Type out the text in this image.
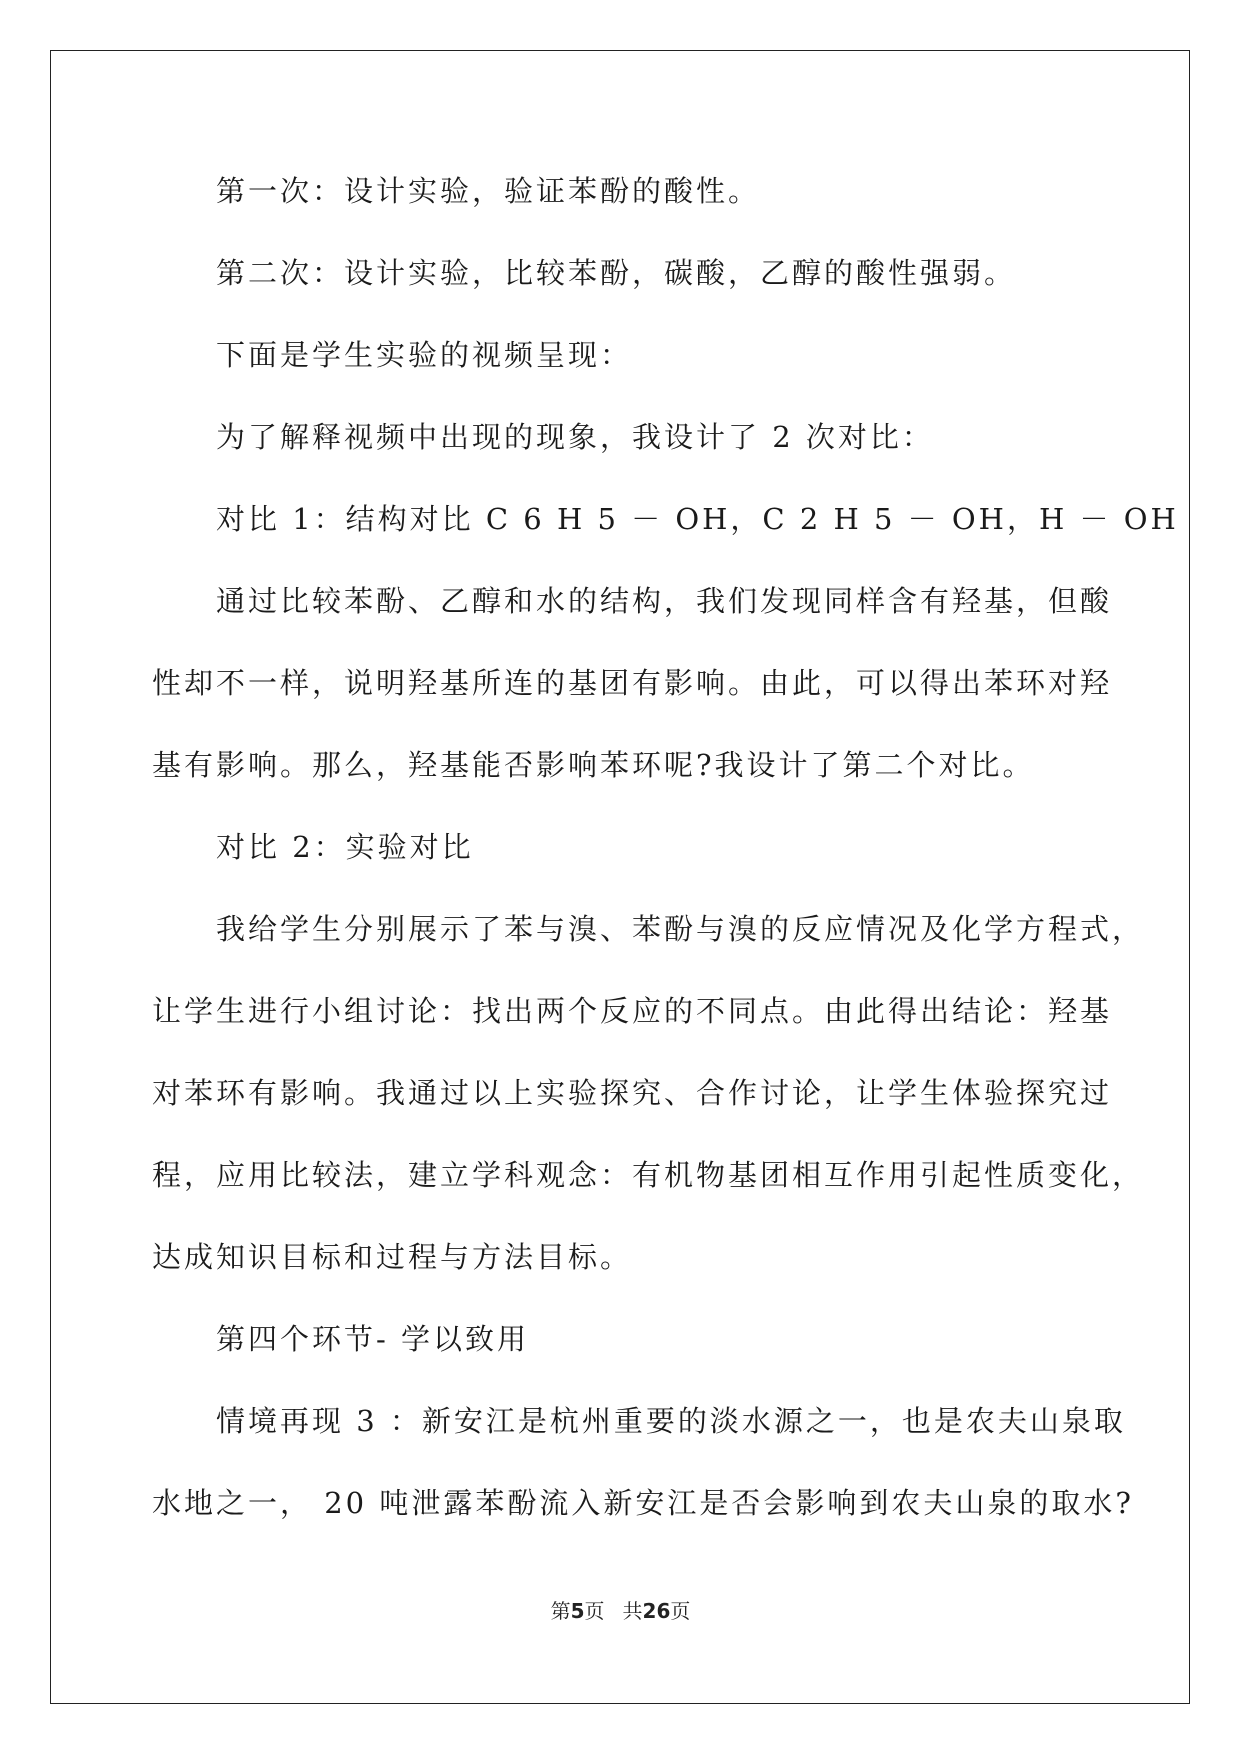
第一次：设计实验，验证苯酚的酸性。

第二次：设计实验，比较苯酚，碳酸，乙醇的酸性强弱。

下面是学生实验的视频呈现：

为了解释视频中出现的现象，我设计了 2 次对比：

对比 1：结构对比 C 6 H 5 － OH，C 2 H 5 － OH，H － OH

通过比较苯酚、乙醇和水的结构，我们发现同样含有羟基，但酸

性却不一样，说明羟基所连的基团有影响。由此，可以得出苯环对羟

基有影响。那么，羟基能否影响苯环呢?我设计了第二个对比。

对比 2：实验对比

我给学生分别展示了苯与溴、苯酚与溴的反应情况及化学方程式，

让学生进行小组讨论：找出两个反应的不同点。由此得出结论：羟基

对苯环有影响。我通过以上实验探究、合作讨论，让学生体验探究过

程，应用比较法，建立学科观念：有机物基团相互作用引起性质变化，

达成知识目标和过程与方法目标。

第四个环节- 学以致用

情境再现 3 ：新安江是杭州重要的淡水源之一，也是农夫山泉取

水地之一， 20 吨泄露苯酚流入新安江是否会影响到农夫山泉的取水?

第5页 共26页
